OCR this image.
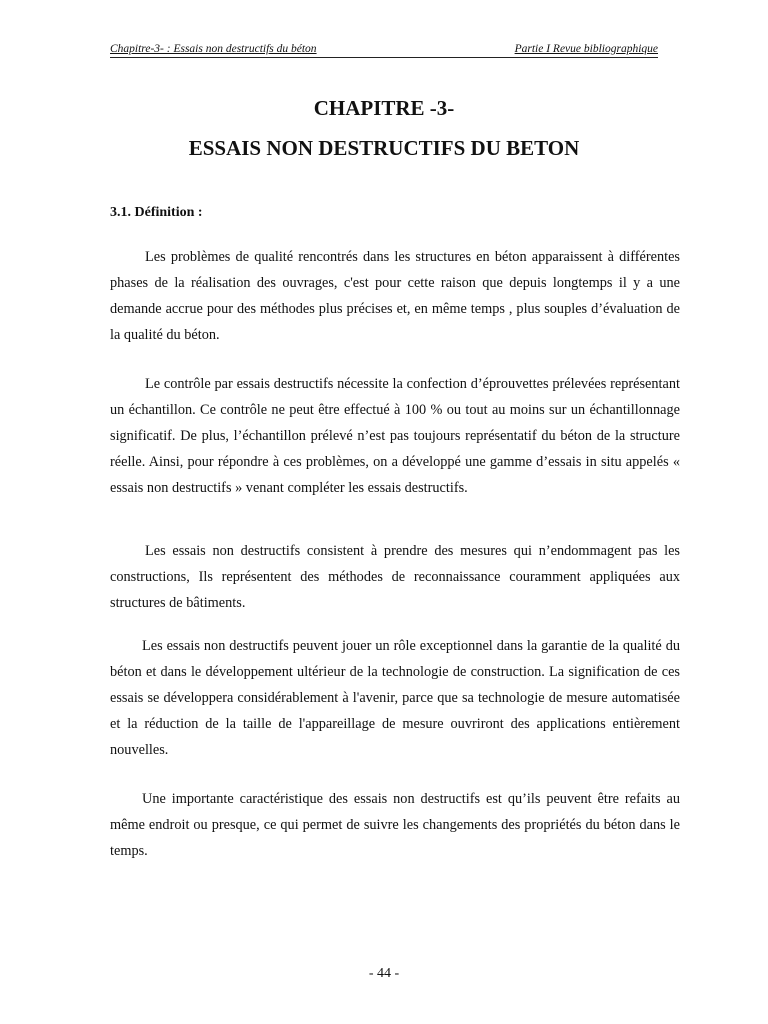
Chapitre-3- : Essais non destructifs du béton	Partie I Revue bibliographique
CHAPITRE -3-
ESSAIS NON DESTRUCTIFS DU BETON
3.1. Définition :

Les problèmes de qualité rencontrés dans les structures en béton apparaissent à différentes phases de la réalisation des ouvrages, c'est pour cette raison que depuis longtemps il y a une demande accrue pour des méthodes plus précises et, en même temps , plus souples d’évaluation de la qualité du béton.

Le contrôle par essais destructifs nécessite la confection d’éprouvettes prélevées représentant un échantillon. Ce contrôle ne peut être effectué à 100 % ou tout au moins sur un échantillonnage significatif. De plus, l’échantillon prélevé n’est pas toujours représentatif du béton de la structure réelle. Ainsi, pour répondre à ces problèmes, on a développé une gamme d’essais in situ appelés « essais non destructifs » venant compléter les essais destructifs.

Les essais non destructifs consistent à prendre des mesures qui n’endommagent pas les constructions, Ils représentent des méthodes de reconnaissance couramment appliquées aux structures de bâtiments.

Les essais non destructifs peuvent jouer un rôle exceptionnel dans la garantie de la qualité du béton et dans le développement ultérieur de la technologie de construction. La signification de ces essais se développera considérablement à l'avenir, parce que sa technologie de mesure automatisée et la réduction de la taille de l'appareillage de mesure ouvriront des applications entièrement nouvelles.

Une importante caractéristique des essais non destructifs est qu’ils peuvent être refaits au même endroit ou presque, ce qui permet de suivre les changements des propriétés du béton dans le temps.

- 44 -
